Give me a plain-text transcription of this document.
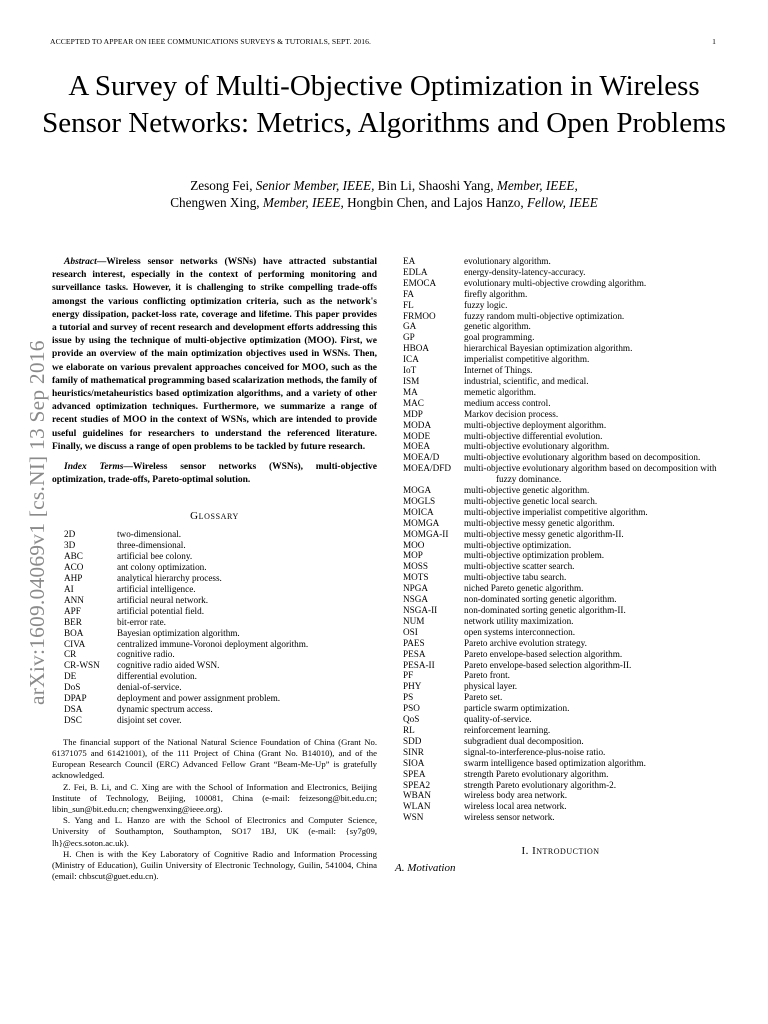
ACCEPTED TO APPEAR ON IEEE COMMUNICATIONS SURVEYS & TUTORIALS, SEPT. 2016.	1
arXiv:1609.04069v1 [cs.NI] 13 Sep 2016
A Survey of Multi-Objective Optimization in Wireless Sensor Networks: Metrics, Algorithms and Open Problems
Zesong Fei, Senior Member, IEEE, Bin Li, Shaoshi Yang, Member, IEEE,
Chengwen Xing, Member, IEEE, Hongbin Chen, and Lajos Hanzo, Fellow, IEEE

Abstract—Wireless sensor networks (WSNs) have attracted substantial research interest, especially in the context of performing monitoring and surveillance tasks. However, it is challenging to strike compelling trade-offs amongst the various conflicting optimization criteria, such as the network's energy dissipation, packet-loss rate, coverage and lifetime. This paper provides a tutorial and survey of recent research and development efforts addressing this issue by using the technique of multi-objective optimization (MOO). First, we provide an overview of the main optimization objectives used in WSNs. Then, we elaborate on various prevalent approaches conceived for MOO, such as the family of mathematical programming based scalarization methods, the family of heuristics/metaheuristics based optimization algorithms, and a variety of other advanced optimization techniques. Furthermore, we summarize a range of recent studies of MOO in the context of WSNs, which are intended to provide useful guidelines for researchers to understand the referenced literature. Finally, we discuss a range of open problems to be tackled by future research.

Index Terms—Wireless sensor networks (WSNs), multi-objective optimization, trade-offs, Pareto-optimal solution.

Glossary
2D	two-dimensional.
3D	three-dimensional.
ABC	artificial bee colony.
ACO	ant colony optimization.
AHP	analytical hierarchy process.
AI	artificial intelligence.
ANN	artificial neural network.
APF	artificial potential field.
BER	bit-error rate.
BOA	Bayesian optimization algorithm.
CIVA	centralized immune-Voronoi deployment algorithm.
CR	cognitive radio.
CR-WSN	cognitive radio aided WSN.
DE	differential evolution.
DoS	denial-of-service.
DPAP	deployment and power assignment problem.
DSA	dynamic spectrum access.
DSC	disjoint set cover.

The financial support of the National Natural Science Foundation of China (Grant No. 61371075 and 61421001), of the 111 Project of China (Grant No. B14010), and of the European Research Council (ERC) Advanced Fellow Grant “Beam-Me-Up” is gratefully acknowledged.

Z. Fei, B. Li, and C. Xing are with the School of Information and Electronics, Beijing Institute of Technology, Beijing, 100081, China (e-mail: feizesong@bit.edu.cn; libin_sun@bit.edu.cn; chengwenxing@ieee.org).

S. Yang and L. Hanzo are with the School of Electronics and Computer Science, University of Southampton, Southampton, SO17 1BJ, UK (e-mail: {sy7g09, lh}@ecs.soton.ac.uk).

H. Chen is with the Key Laboratory of Cognitive Radio and Information Processing (Ministry of Education), Guilin University of Electronic Technology, Guilin, 541004, China (email: chbscut@guet.edu.cn).

EA	evolutionary algorithm.
EDLA	energy-density-latency-accuracy.
EMOCA	evolutionary multi-objective crowding algorithm.
FA	firefly algorithm.
FL	fuzzy logic.
FRMOO	fuzzy random multi-objective optimization.
GA	genetic algorithm.
GP	goal programming.
HBOA	hierarchical Bayesian optimization algorithm.
ICA	imperialist competitive algorithm.
IoT	Internet of Things.
ISM	industrial, scientific, and medical.
MA	memetic algorithm.
MAC	medium access control.
MDP	Markov decision process.
MODA	multi-objective deployment algorithm.
MODE	multi-objective differential evolution.
MOEA	multi-objective evolutionary algorithm.
MOEA/D	multi-objective evolutionary algorithm based on decomposition.
MOEA/DFD	multi-objective evolutionary algorithm based on decomposition with fuzzy dominance.
MOGA	multi-objective genetic algorithm.
MOGLS	multi-objective genetic local search.
MOICA	multi-objective imperialist competitive algorithm.
MOMGA	multi-objective messy genetic algorithm.
MOMGA-II	multi-objective messy genetic algorithm-II.
MOO	multi-objective optimization.
MOP	multi-objective optimization problem.
MOSS	multi-objective scatter search.
MOTS	multi-objective tabu search.
NPGA	niched Pareto genetic algorithm.
NSGA	non-dominated sorting genetic algorithm.
NSGA-II	non-dominated sorting genetic algorithm-II.
NUM	network utility maximization.
OSI	open systems interconnection.
PAES	Pareto archive evolution strategy.
PESA	Pareto envelope-based selection algorithm.
PESA-II	Pareto envelope-based selection algorithm-II.
PF	Pareto front.
PHY	physical layer.
PS	Pareto set.
PSO	particle swarm optimization.
QoS	quality-of-service.
RL	reinforcement learning.
SDD	subgradient dual decomposition.
SINR	signal-to-interference-plus-noise ratio.
SIOA	swarm intelligence based optimization algorithm.
SPEA	strength Pareto evolutionary algorithm.
SPEA2	strength Pareto evolutionary algorithm-2.
WBAN	wireless body area network.
WLAN	wireless local area network.
WSN	wireless sensor network.
I. Introduction
A. Motivation
